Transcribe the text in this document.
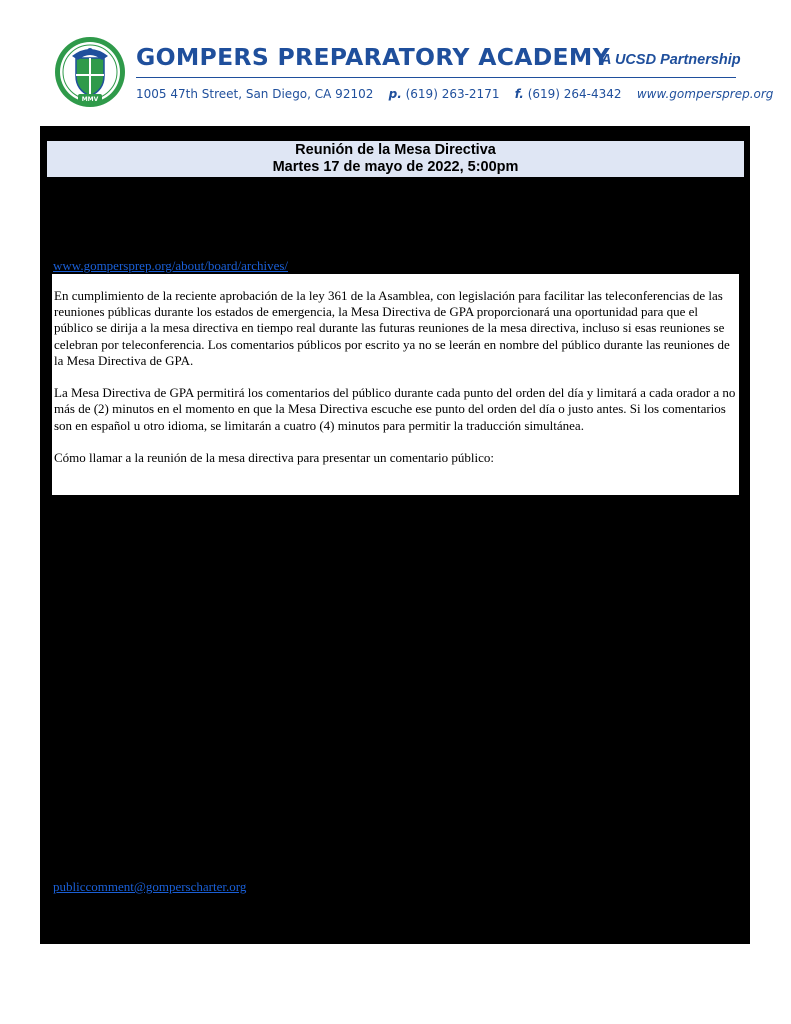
MMV
GOMPERS PREPARATORY ACADEMY
A UCSD Partnership
1005 47th Street, San Diego, CA 92102 p. (619) 263-2171 f. (619) 264-4342 www.gompersprep.org
Reunión de la Mesa Directiva
Martes 17 de mayo de 2022, 5:00pm
www.gompersprep.org/about/board/archives/

En cumplimiento de la reciente aprobación de la ley 361 de la Asamblea, con legislación para facilitar las teleconferencias de las reuniones públicas durante los estados de emergencia, la Mesa Directiva de GPA proporcionará una oportunidad para que el público se dirija a la mesa directiva en tiempo real durante las futuras reuniones de la mesa directiva, incluso si esas reuniones se celebran por teleconferencia. Los comentarios públicos por escrito ya no se leerán en nombre del público durante las reuniones de la Mesa Directiva de GPA.

La Mesa Directiva de GPA permitirá los comentarios del público durante cada punto del orden del día y limitará a cada orador a no más de (2) minutos en el momento en que la Mesa Directiva escuche ese punto del orden del día o justo antes. Si los comentarios son en español u otro idioma, se limitarán a cuatro (4) minutos para permitir la traducción simultánea.

Cómo llamar a la reunión de la mesa directiva para presentar un comentario público:

publiccomment@gomperscharter.org
